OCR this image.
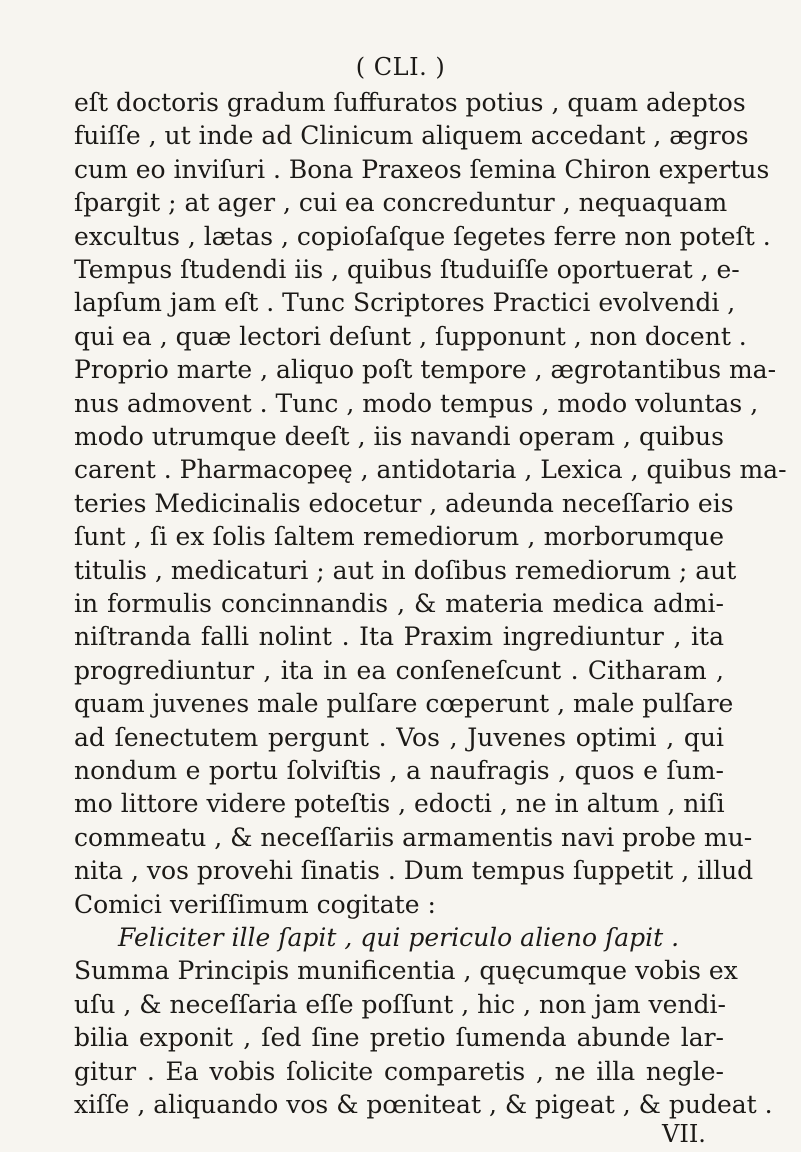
( CLI. )
eſt doctoris gradum ſuffuratos potius , quam adeptos
fuiſſe , ut inde ad Clinicum aliquem accedant , ægros
cum eo inviſuri . Bona Praxeos ſemina Chiron expertus
ſpargit ; at ager , cui ea concreduntur , nequaquam
excultus , lætas , copioſaſque ſegetes ferre non poteſt .
Tempus ſtudendi iis , quibus ſtuduiſſe oportuerat , e-
lapſum jam eſt . Tunc Scriptores Practici evolvendi ,
qui ea , quæ lectori deſunt , ſupponunt , non docent .
Proprio marte , aliquo poſt tempore , ægrotantibus ma-
nus admovent . Tunc , modo tempus , modo voluntas ,
modo utrumque deeſt , iis navandi operam , quibus
carent . Pharmacopeę , antidotaria , Lexica , quibus ma-
teries Medicinalis edocetur , adeunda neceſſario eis
ſunt , ſi ex ſolis ſaltem remediorum , morborumque
titulis , medicaturi ; aut in doſibus remediorum ; aut
in formulis concinnandis , & materia medica admi-
niſtranda falli nolint . Ita Praxim ingrediuntur , ita
progrediuntur , ita in ea conſeneſcunt . Citharam ,
quam juvenes male pulſare cœperunt , male pulſare
ad ſenectutem pergunt . Vos , Juvenes optimi , qui
nondum e portu ſolviſtis , a naufragis , quos e ſum-
mo littore videre poteſtis , edocti , ne in altum , niſi
commeatu , & neceſſariis armamentis navi probe mu-
nita , vos provehi ſinatis . Dum tempus ſuppetit , illud
Comici veriſſimum cogitate :
Feliciter ille ſapit , qui periculo alieno ſapit .
Summa Principis munificentia , quęcumque vobis ex
uſu , & neceſſaria eſſe poſſunt , hic , non jam vendi-
bilia exponit , ſed ſine pretio ſumenda abunde lar-
gitur . Ea vobis ſolicite comparetis , ne illa negle-
xiſſe , aliquando vos & pœniteat , & pigeat , & pudeat .
VII.
